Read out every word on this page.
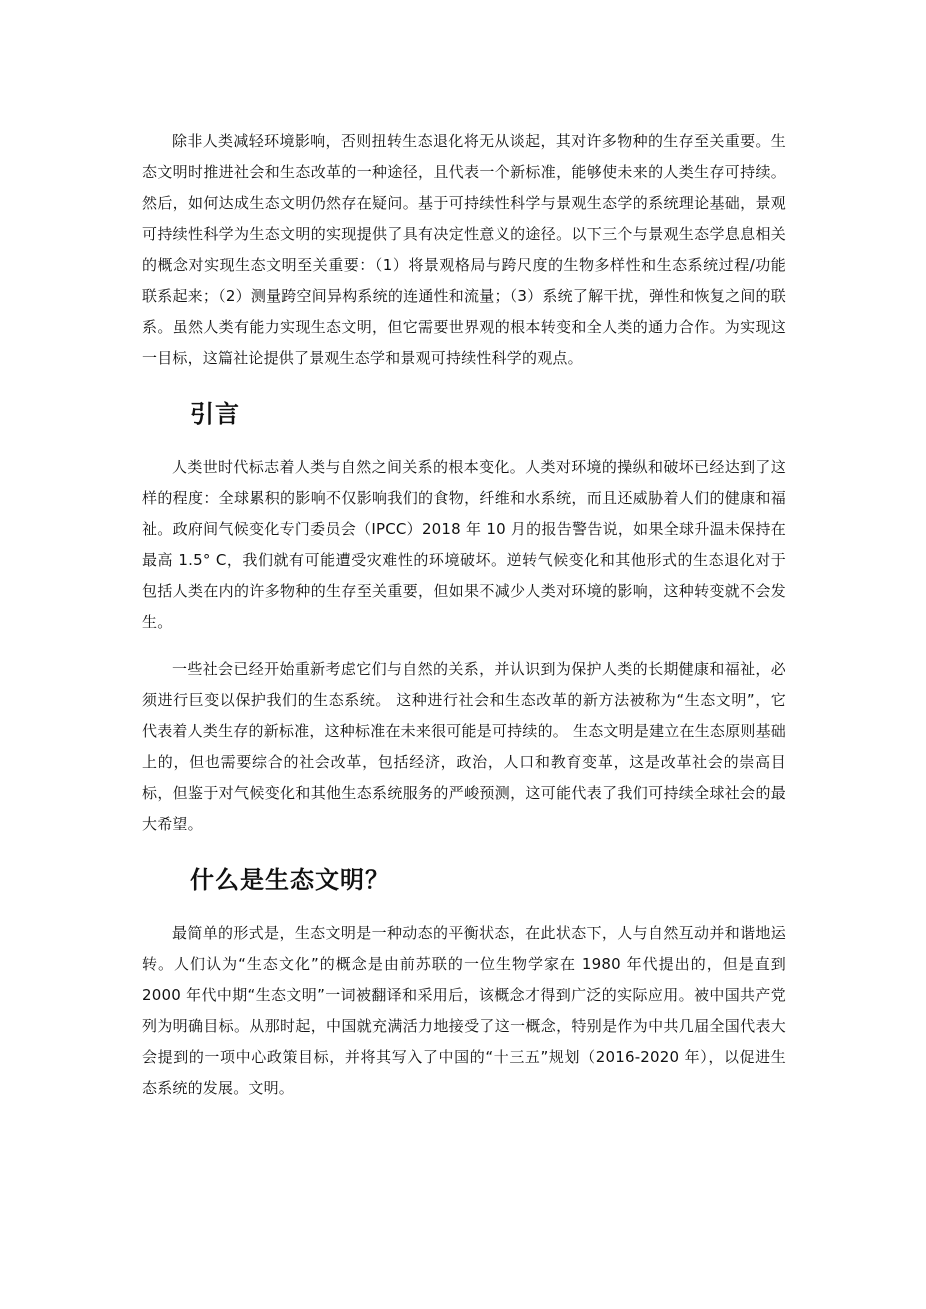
除非人类减轻环境影响，否则扭转生态退化将无从谈起，其对许多物种的生存至关重要。生态文明时推进社会和生态改革的一种途径，且代表一个新标准，能够使未来的人类生存可持续。然后，如何达成生态文明仍然存在疑问。基于可持续性科学与景观生态学的系统理论基础，景观可持续性科学为生态文明的实现提供了具有决定性意义的途径。以下三个与景观生态学息息相关的概念对实现生态文明至关重要：（1）将景观格局与跨尺度的生物多样性和生态系统过程/功能联系起来；（2）测量跨空间异构系统的连通性和流量；（3）系统了解干扰，弹性和恢复之间的联系。虽然人类有能力实现生态文明，但它需要世界观的根本转变和全人类的通力合作。为实现这一目标，这篇社论提供了景观生态学和景观可持续性科学的观点。

引言

人类世时代标志着人类与自然之间关系的根本变化。人类对环境的操纵和破坏已经达到了这样的程度：全球累积的影响不仅影响我们的食物，纤维和水系统，而且还威胁着人们的健康和福祉。政府间气候变化专门委员会（IPCC）2018 年 10 月的报告警告说，如果全球升温未保持在最高 1.5° C，我们就有可能遭受灾难性的环境破坏。逆转气候变化和其他形式的生态退化对于包括人类在内的许多物种的生存至关重要，但如果不减少人类对环境的影响，这种转变就不会发生。

一些社会已经开始重新考虑它们与自然的关系，并认识到为保护人类的长期健康和福祉，必须进行巨变以保护我们的生态系统。 这种进行社会和生态改革的新方法被称为“生态文明”，它代表着人类生存的新标准，这种标准在未来很可能是可持续的。 生态文明是建立在生态原则基础上的，但也需要综合的社会改革，包括经济，政治，人口和教育变革，这是改革社会的崇高目标，但鉴于对气候变化和其他生态系统服务的严峻预测，这可能代表了我们可持续全球社会的最大希望。

什么是生态文明？

最简单的形式是，生态文明是一种动态的平衡状态，在此状态下，人与自然互动并和谐地运转。人们认为“生态文化”的概念是由前苏联的一位生物学家在 1980 年代提出的，但是直到 2000 年代中期“生态文明”一词被翻译和采用后，该概念才得到广泛的实际应用。被中国共产党列为明确目标。从那时起，中国就充满活力地接受了这一概念，特别是作为中共几届全国代表大会提到的一项中心政策目标，并将其写入了中国的“十三五”规划（2016-2020 年），以促进生态系统的发展。文明。
